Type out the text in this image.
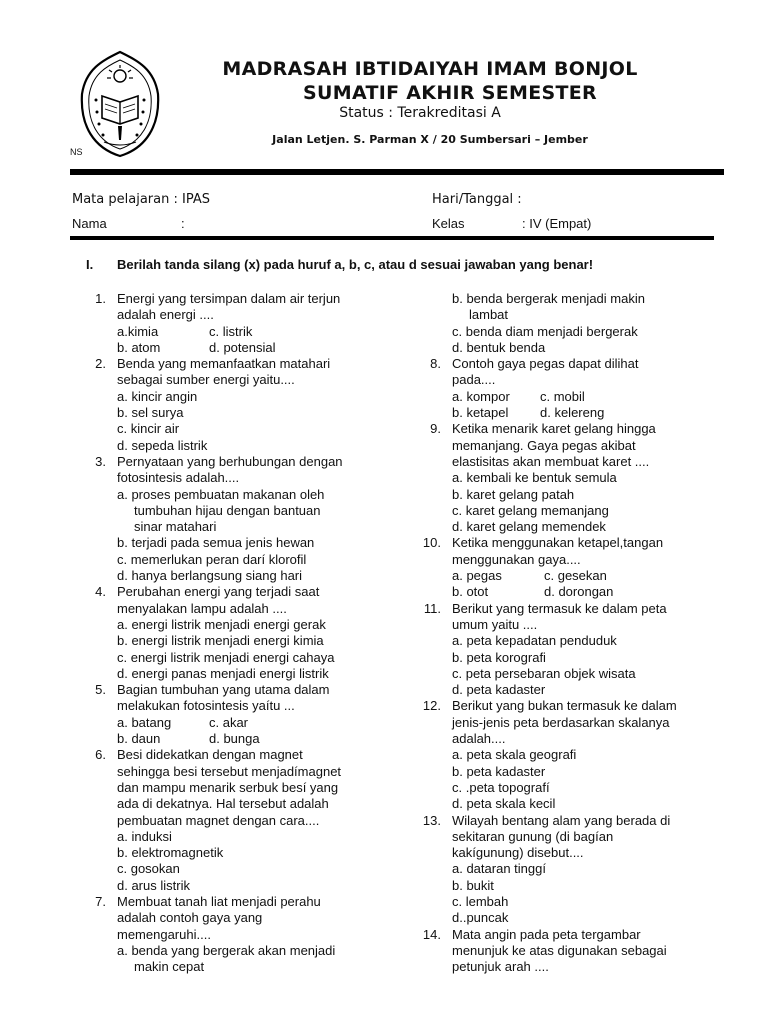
NS
MADRASAH IBTIDAIYAH IMAM BONJOL
SUMATIF AKHIR SEMESTER
Status : Terakreditasi A
Jalan Letjen. S. Parman X / 20 Sumbersari – Jember
Mata pelajaran : IPAS	Hari/Tanggal :
Nama	:	Kelas	: IV (Empat)
I.	Berilah tanda silang (x) pada huruf a, b, c, atau d sesuai jawaban yang benar!
1. Energi yang tersimpan dalam air terjun
adalah energi ....
a.kimia	c. listrik
b. atom	d. potensial
2. Benda yang memanfaatkan matahari
sebagai sumber energi yaitu....
a. kincir angin
b. sel surya
c. kincir air
d. sepeda listrik
3. Pernyataan yang berhubungan dengan
fotosintesis adalah....
a. proses pembuatan makanan oleh
tumbuhan hijau dengan bantuan
sinar matahari
b. terjadi pada semua jenis hewan
c. memerlukan peran darí klorofil
d. hanya berlangsung siang hari
4. Perubahan energi yang terjadi saat
menyalakan lampu adalah ....
a. energi listrik menjadi energi gerak
b. energi listrik menjadi energi kimia
c. energi listrik menjadi energi cahaya
d. energi panas menjadi energi listrik
5. Bagian tumbuhan yang utama dalam
melakukan fotosintesis yaítu ...
a. batang	c. akar
b. daun	d. bunga
6. Besi didekatkan dengan magnet
sehingga besi tersebut menjadímagnet
dan mampu menarik serbuk besí yang
ada di dekatnya. Hal tersebut adalah
pembuatan magnet dengan cara....
a. induksi
b. elektromagnetik
c. gosokan
d. arus listrik
7. Membuat tanah liat menjadi perahu
adalah contoh gaya yang
memengaruhi....
a. benda yang bergerak akan menjadi
makin cepat
b. benda bergerak menjadi makin
lambat
c. benda diam menjadi bergerak
d. bentuk benda
8. Contoh gaya pegas dapat dilihat
pada....
a. kompor	c. mobil
b. ketapel	d. kelereng
9. Ketika menarik karet gelang hingga
memanjang. Gaya pegas akibat
elastisitas akan membuat karet ....
a. kembali ke bentuk semula
b. karet gelang patah
c. karet gelang memanjang
d. karet gelang memendek
10. Ketika menggunakan ketapel,tangan
menggunakan gaya....
a. pegas	c. gesekan
b. otot	d. dorongan
11. Berikut yang termasuk ke dalam peta
umum yaitu ....
a. peta kepadatan penduduk
b. peta korografi
c. peta persebaran objek wisata
d. peta kadaster
12. Berikut yang bukan termasuk ke dalam
jenis-jenis peta berdasarkan skalanya
adalah....
a. peta skala geografi
b. peta kadaster
c. .peta topografí
d. peta skala kecil
13. Wilayah bentang alam yang berada di
sekitaran gunung (di bagían
kakígunung) disebut....
a. dataran tinggí
b. bukit
c. lembah
d..puncak
14. Mata angin pada peta tergambar
menunjuk ke atas digunakan sebagai
petunjuk arah ....
